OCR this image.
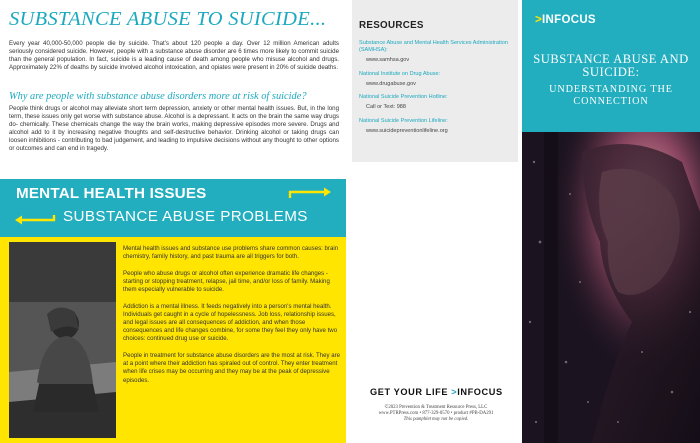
SUBSTANCE ABUSE TO SUICIDE...

Every year 40,000-50,000 people die by suicide. That's about 120 people a day. Over 12 million American adults seriously considered suicide. However, people with a substance abuse disorder are 6 times more likely to commit suicide than the general population. In fact, suicide is a leading cause of death among people who misuse alcohol and drugs. Approximately 22% of deaths by suicide involved alcohol intoxication, and opiates were present in 20% of suicide deaths.

Why are people with substance abuse disorders more at risk of suicide?

People think drugs or alcohol may alleviate short term depression, anxiety or other mental health issues. But, in the long term, these issues only get worse with substance abuse. Alcohol is a depressant. It acts on the brain the same way drugs do- chemically. These chemicals change the way the brain works, making depressive episodes more severe. Drugs and alcohol add to it by increasing negative thoughts and self-destructive behavior. Drinking alcohol or taking drugs can loosen inhibitions - contributing to bad judgement, and leading to impulsive decisions without any thought to other options or outcomes and can end in tragedy.

MENTAL HEALTH ISSUES
SUBSTANCE ABUSE PROBLEMS

Mental health issues and substance use problems share common causes: brain chemistry, family history, and past trauma are all triggers for both.

People who abuse drugs or alcohol often experience dramatic life changes - starting or stopping treatment, relapse, jail time, and/or loss of family. Making them especially vulnerable to suicide.

Addiction is a mental illness. It feeds negatively into a person's mental health. Individuals get caught in a cycle of hopelessness. Job loss, relationship issues, and legal issues are all consequences of addiction, and when those consequences and life changes combine, for some they feel they only have two choices: continued drug use or suicide.

People in treatment for substance abuse disorders are the most at risk. They are at a point where their addiction has spiraled out of control. They enter treatment when life crises may be occurring and they may be at the peak of depressive episodes.

RESOURCES
Substance Abuse and Mental Health Services Administration (SAMHSA):
www.samhsa.gov
National Institute on Drug Abuse:
www.drugabuse.gov
National Suicide Prevention Hotline:
Call or Text: 988
National Suicide Prevention Lifeline:
www.suicidepreventionlifeline.org
GET YOUR LIFE >INFOCUS
©2023 Prevention & Treatment Resource Press, LLC
www.PTRPress.com • 877-329-0570 • product #PB-DA291
This pamphlet may not be copied.
>INFOCUS
SUBSTANCE ABUSE AND SUICIDE:
UNDERSTANDING THE CONNECTION
